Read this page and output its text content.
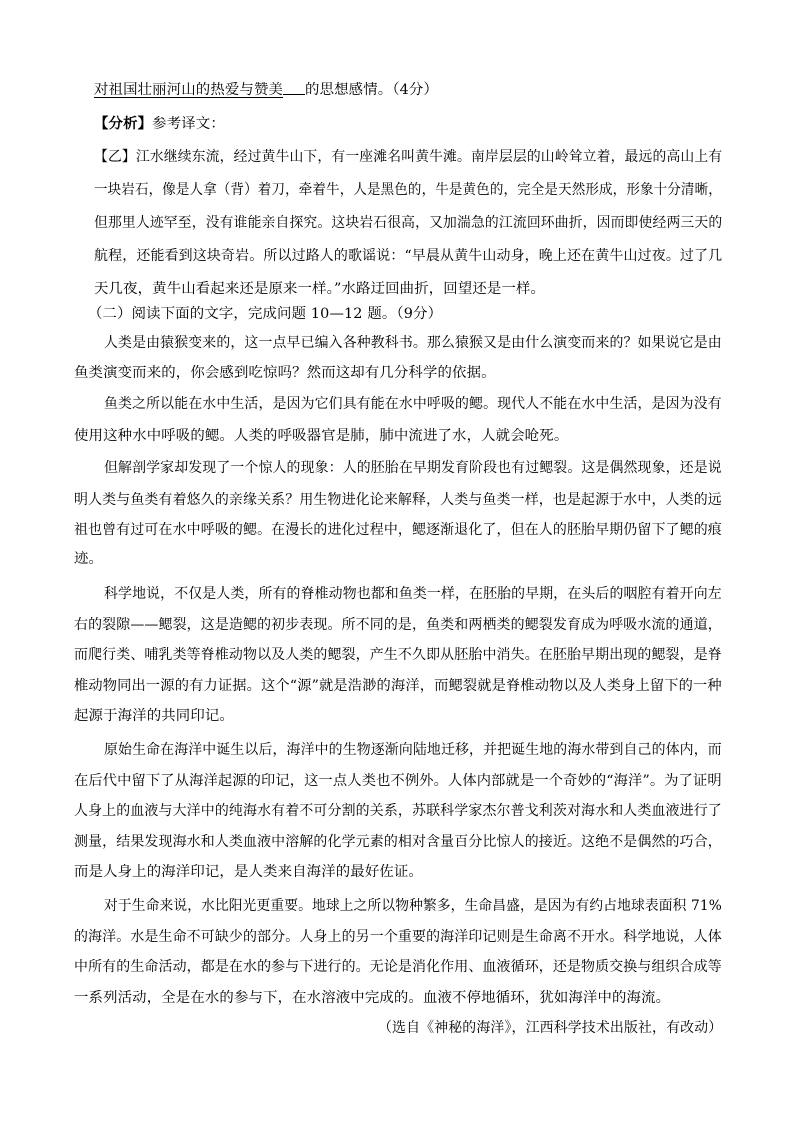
对祖国壮丽河山的热爱与赞美 的思想感情。（4分）
【分析】参考译文：
【乙】江水继续东流，经过黄牛山下，有一座滩名叫黄牛滩。南岸层层的山岭耸立着，最远的高山上有
一块岩石，像是人拿（背）着刀，牵着牛，人是黑色的，牛是黄色的，完全是天然形成，形象十分清晰，
但那里人迹罕至，没有谁能亲自探究。这块岩石很高，又加湍急的江流回环曲折，因而即使经两三天的
航程，还能看到这块奇岩。所以过路人的歌谣说：“早晨从黄牛山动身，晚上还在黄牛山过夜。过了几
天几夜，黄牛山看起来还是原来一样。”水路迂回曲折，回望还是一样。
（二）阅读下面的文字，完成问题 10—12 题。（9分）
人类是由猿猴变来的，这一点早已编入各种教科书。那么猿猴又是由什么演变而来的？如果说它是由
鱼类演变而来的，你会感到吃惊吗？然而这却有几分科学的依据。
鱼类之所以能在水中生活，是因为它们具有能在水中呼吸的鳃。现代人不能在水中生活，是因为没有
使用这种水中呼吸的鳃。人类的呼吸器官是肺，肺中流进了水，人就会呛死。
但解剖学家却发现了一个惊人的现象：人的胚胎在早期发育阶段也有过鳃裂。这是偶然现象，还是说
明人类与鱼类有着悠久的亲缘关系？用生物进化论来解释，人类与鱼类一样，也是起源于水中，人类的远
祖也曾有过可在水中呼吸的鳃。在漫长的进化过程中，鳃逐渐退化了，但在人的胚胎早期仍留下了鳃的痕
迹。
科学地说，不仅是人类，所有的脊椎动物也都和鱼类一样，在胚胎的早期，在头后的咽腔有着开向左
右的裂隙——鳃裂，这是造鳃的初步表现。所不同的是，鱼类和两栖类的鳃裂发育成为呼吸水流的通道，
而爬行类、哺乳类等脊椎动物以及人类的鳃裂，产生不久即从胚胎中消失。在胚胎早期出现的鳃裂，是脊
椎动物同出一源的有力证据。这个“源”就是浩渺的海洋，而鳃裂就是脊椎动物以及人类身上留下的一种
起源于海洋的共同印记。
原始生命在海洋中诞生以后，海洋中的生物逐渐向陆地迁移，并把诞生地的海水带到自己的体内，而
在后代中留下了从海洋起源的印记，这一点人类也不例外。人体内部就是一个奇妙的“海洋”。为了证明
人身上的血液与大洋中的纯海水有着不可分割的关系，苏联科学家杰尔普戈利茨对海水和人类血液进行了
测量，结果发现海水和人类血液中溶解的化学元素的相对含量百分比惊人的接近。这绝不是偶然的巧合，
而是人身上的海洋印记，是人类来自海洋的最好佐证。
对于生命来说，水比阳光更重要。地球上之所以物种繁多，生命昌盛，是因为有约占地球表面积 71%
的海洋。水是生命不可缺少的部分。人身上的另一个重要的海洋印记则是生命离不开水。科学地说，人体
中所有的生命活动，都是在水的参与下进行的。无论是消化作用、血液循环，还是物质交换与组织合成等
一系列活动，全是在水的参与下，在水溶液中完成的。血液不停地循环，犹如海洋中的海流。
（选自《神秘的海洋》，江西科学技术出版社，有改动）
